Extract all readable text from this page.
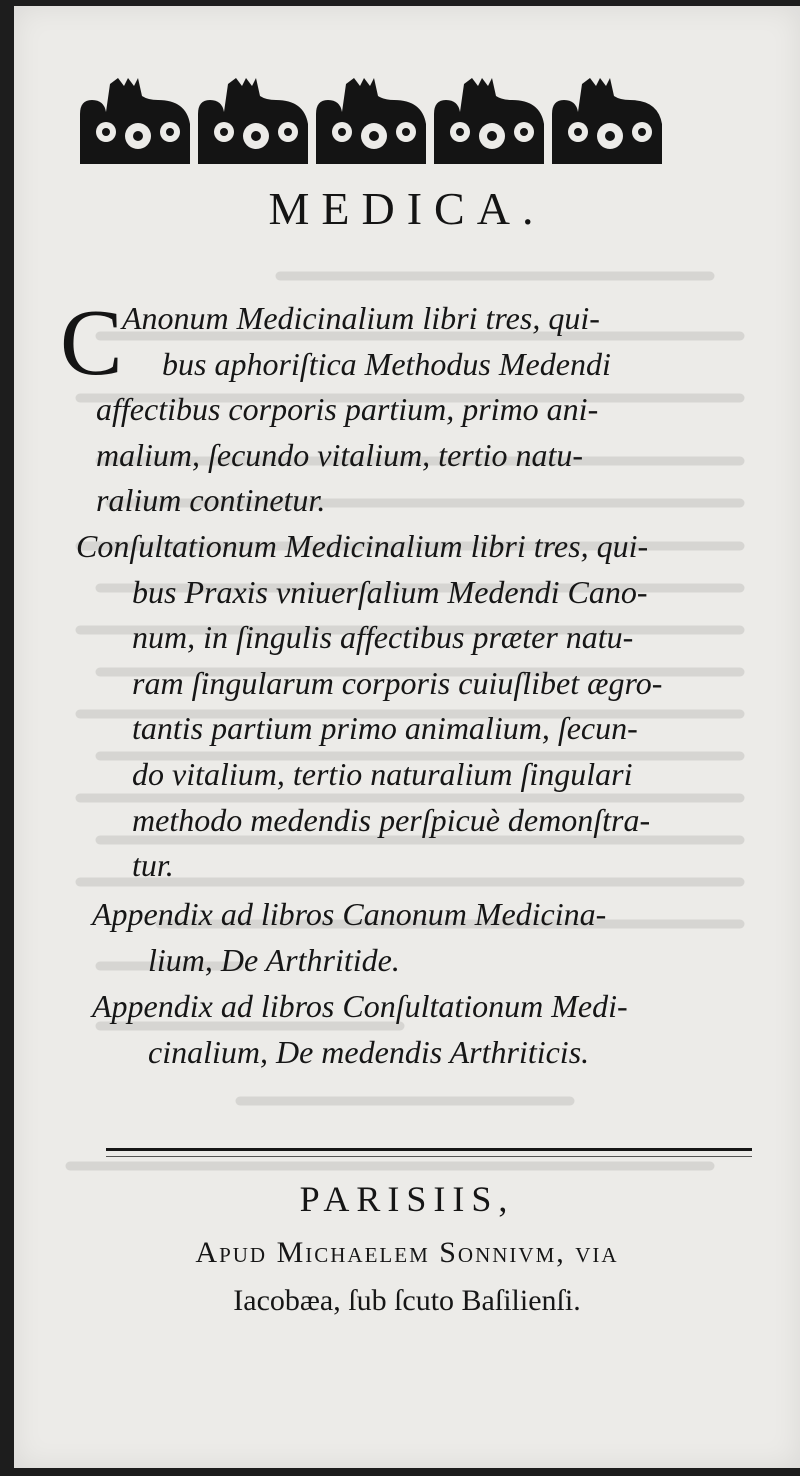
MEDICA.
C Anonum Medicinalium libri tres, qui-

bus aphoriſtica Methodus Medendi

affectibus corporis partium, primo ani-

malium, ſecundo vitalium, tertio natu-

ralium continetur.

Conſultationum Medicinalium libri tres, qui-

bus Praxis vniuerſalium Medendi Cano-

num, in ſingulis affectibus præter natu-

ram ſingularum corporis cuiuſlibet ægro-

tantis partium primo animalium, ſecun-

do vitalium, tertio naturalium ſingulari

methodo medendis perſpicuè demonſtra-

tur.

Appendix ad libros Canonum Medicina-

lium, De Arthritide.

Appendix ad libros Conſultationum Medi-

cinalium, De medendis Arthriticis.

PARISIIS,
Apud Michaelem Sonnivm, via
Iacobæa, ſub ſcuto Baſilienſi.
